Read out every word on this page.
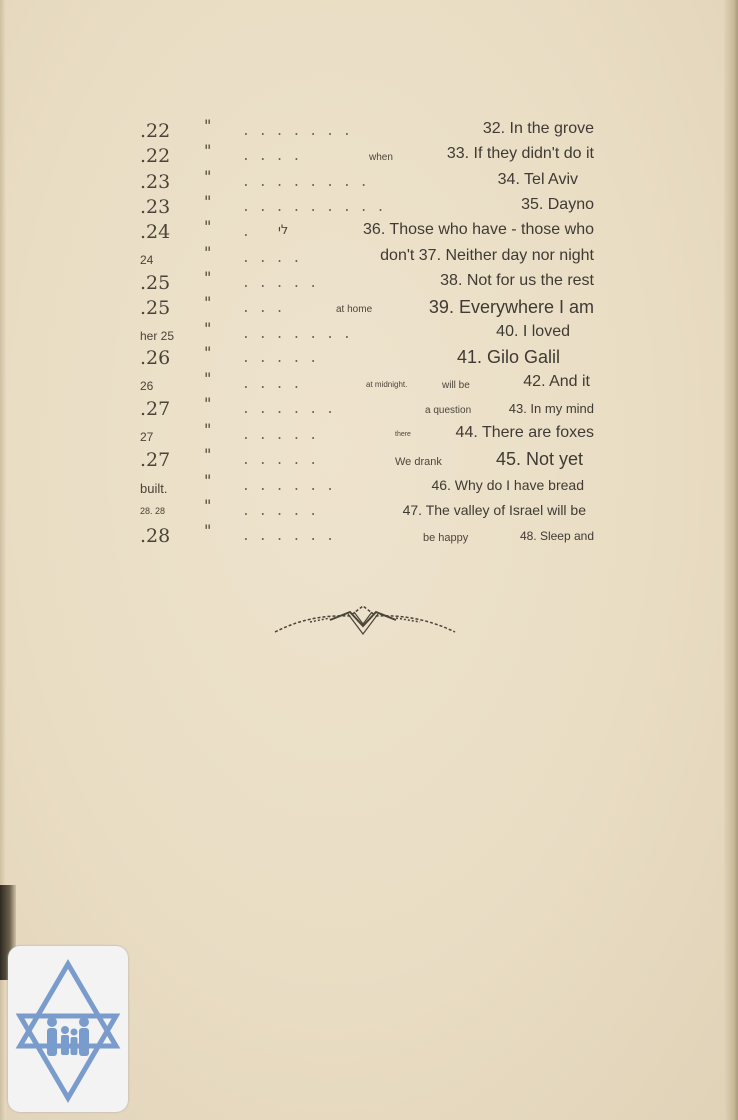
.22 " .......	32. In the grove
.22 " ....	when	33. If they didn't do it
.23 " ........	34. Tel Aviv
.23 " .........	35. Dayno
.24 " . לי	36. Those who have - those who
24	" ....	don't 37. Neither day nor night
.25 " .....	38. Not for us the rest
.25 " ...	at home	39. Everywhere I am
her 25 " .......	40. I loved
.26 " .....	41. Gilo Galil
26	" ....	at midnight.	will be	42. And it
.27 " ......	a question	43. In my mind
27	" .....	there	44. There are foxes
.27 " .....	We drank	45. Not yet
built. " ......	46. Why do I have bread
28. 28 " .....	47. The valley of Israel will be
.28 " ......	be happy	48. Sleep and
